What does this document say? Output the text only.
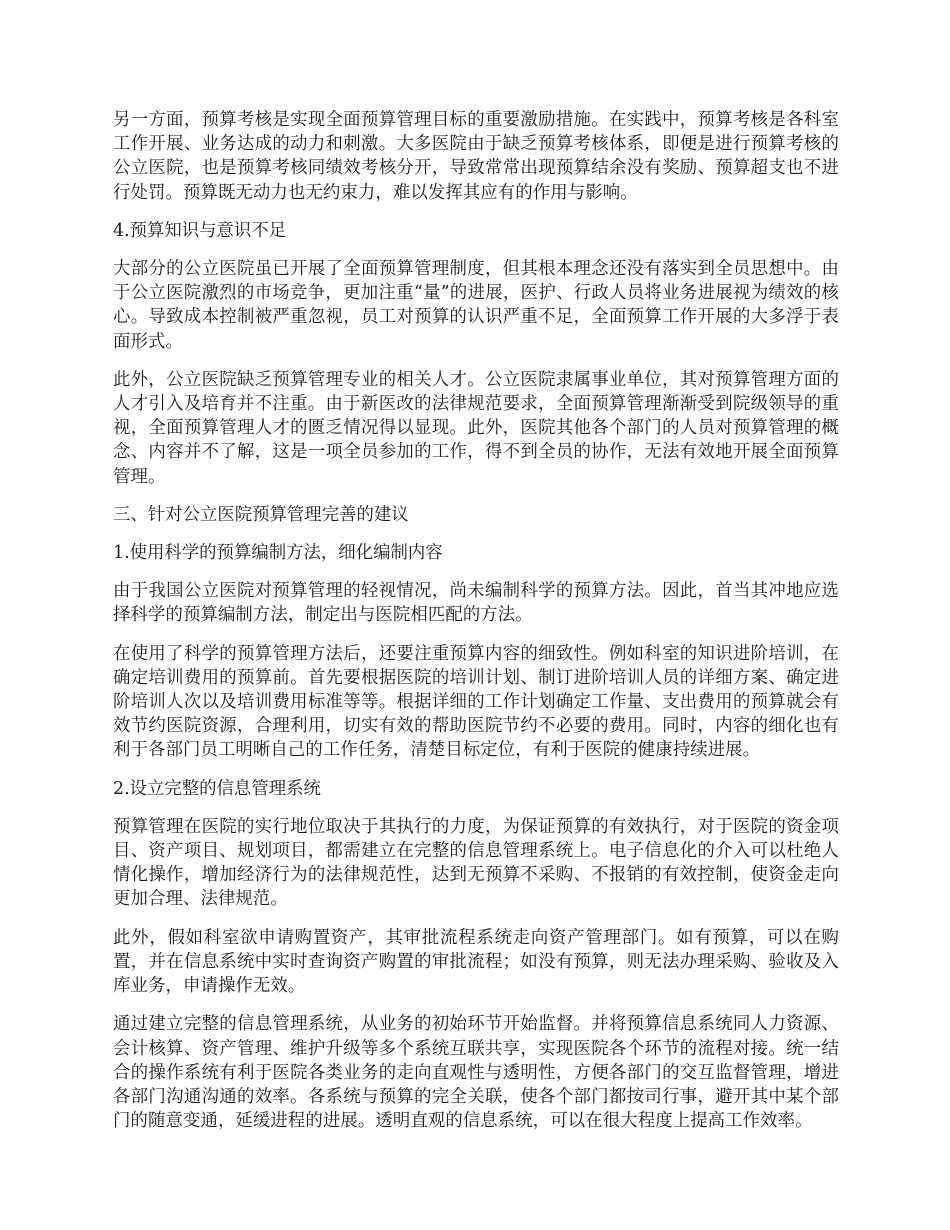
另一方面，预算考核是实现全面预算管理目标的重要激励措施。在实践中，预算考核是各科室工作开展、业务达成的动力和刺激。大多医院由于缺乏预算考核体系，即便是进行预算考核的公立医院，也是预算考核同绩效考核分开，导致常常出现预算结余没有奖励、预算超支也不进行处罚。预算既无动力也无约束力，难以发挥其应有的作用与影响。

4.预算知识与意识不足

大部分的公立医院虽已开展了全面预算管理制度，但其根本理念还没有落实到全员思想中。由于公立医院激烈的市场竞争，更加注重“量”的进展，医护、行政人员将业务进展视为绩效的核心。导致成本控制被严重忽视，员工对预算的认识严重不足，全面预算工作开展的大多浮于表面形式。

此外，公立医院缺乏预算管理专业的相关人才。公立医院隶属事业单位，其对预算管理方面的人才引入及培育并不注重。由于新医改的法律规范要求，全面预算管理渐渐受到院级领导的重视，全面预算管理人才的匮乏情况得以显现。此外，医院其他各个部门的人员对预算管理的概念、内容并不了解，这是一项全员参加的工作，得不到全员的协作，无法有效地开展全面预算管理。

三、针对公立医院预算管理完善的建议

1.使用科学的预算编制方法，细化编制内容

由于我国公立医院对预算管理的轻视情况，尚未编制科学的预算方法。因此，首当其冲地应选择科学的预算编制方法，制定出与医院相匹配的方法。

在使用了科学的预算管理方法后，还要注重预算内容的细致性。例如科室的知识进阶培训，在确定培训费用的预算前。首先要根据医院的培训计划、制订进阶培训人员的详细方案、确定进阶培训人次以及培训费用标准等等。根据详细的工作计划确定工作量、支出费用的预算就会有效节约医院资源，合理利用，切实有效的帮助医院节约不必要的费用。同时，内容的细化也有利于各部门员工明晰自己的工作任务，清楚目标定位，有利于医院的健康持续进展。

2.设立完整的信息管理系统

预算管理在医院的实行地位取决于其执行的力度，为保证预算的有效执行，对于医院的资金项目、资产项目、规划项目，都需建立在完整的信息管理系统上。电子信息化的介入可以杜绝人情化操作，增加经济行为的法律规范性，达到无预算不采购、不报销的有效控制，使资金走向更加合理、法律规范。

此外，假如科室欲申请购置资产，其审批流程系统走向资产管理部门。如有预算，可以在购置，并在信息系统中实时查询资产购置的审批流程；如没有预算，则无法办理采购、验收及入库业务，申请操作无效。

通过建立完整的信息管理系统，从业务的初始环节开始监督。并将预算信息系统同人力资源、会计核算、资产管理、维护升级等多个系统互联共享，实现医院各个环节的流程对接。统一结合的操作系统有利于医院各类业务的走向直观性与透明性，方便各部门的交互监督管理，增进各部门沟通沟通的效率。各系统与预算的完全关联，使各个部门都按司行事，避开其中某个部门的随意变通，延缓进程的进展。透明直观的信息系统，可以在很大程度上提高工作效率。
